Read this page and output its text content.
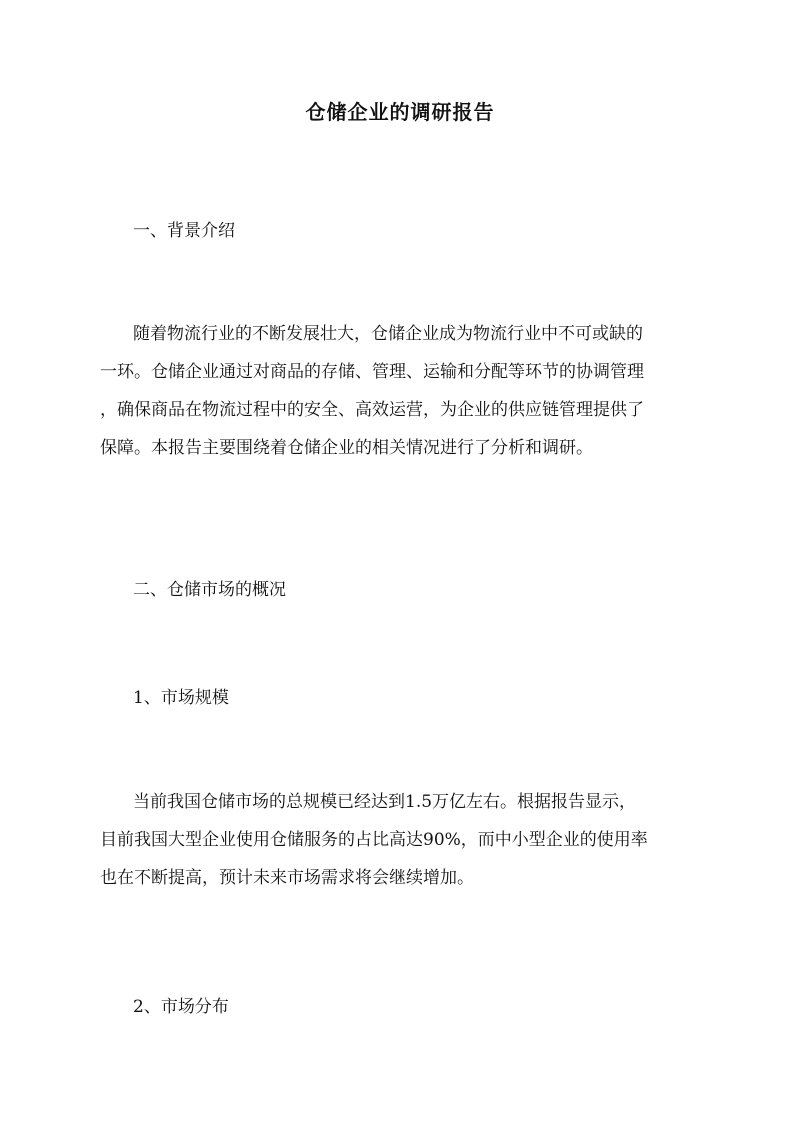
仓储企业的调研报告
一、背景介绍
随着物流行业的不断发展壮大，仓储企业成为物流行业中不可或缺的
一环。仓储企业通过对商品的存储、管理、运输和分配等环节的协调管理
，确保商品在物流过程中的安全、高效运营，为企业的供应链管理提供了
保障。本报告主要围绕着仓储企业的相关情况进行了分析和调研。
二、仓储市场的概况
1、市场规模
当前我国仓储市场的总规模已经达到1.5万亿左右。根据报告显示，
目前我国大型企业使用仓储服务的占比高达90%，而中小型企业的使用率
也在不断提高，预计未来市场需求将会继续增加。
2、市场分布
